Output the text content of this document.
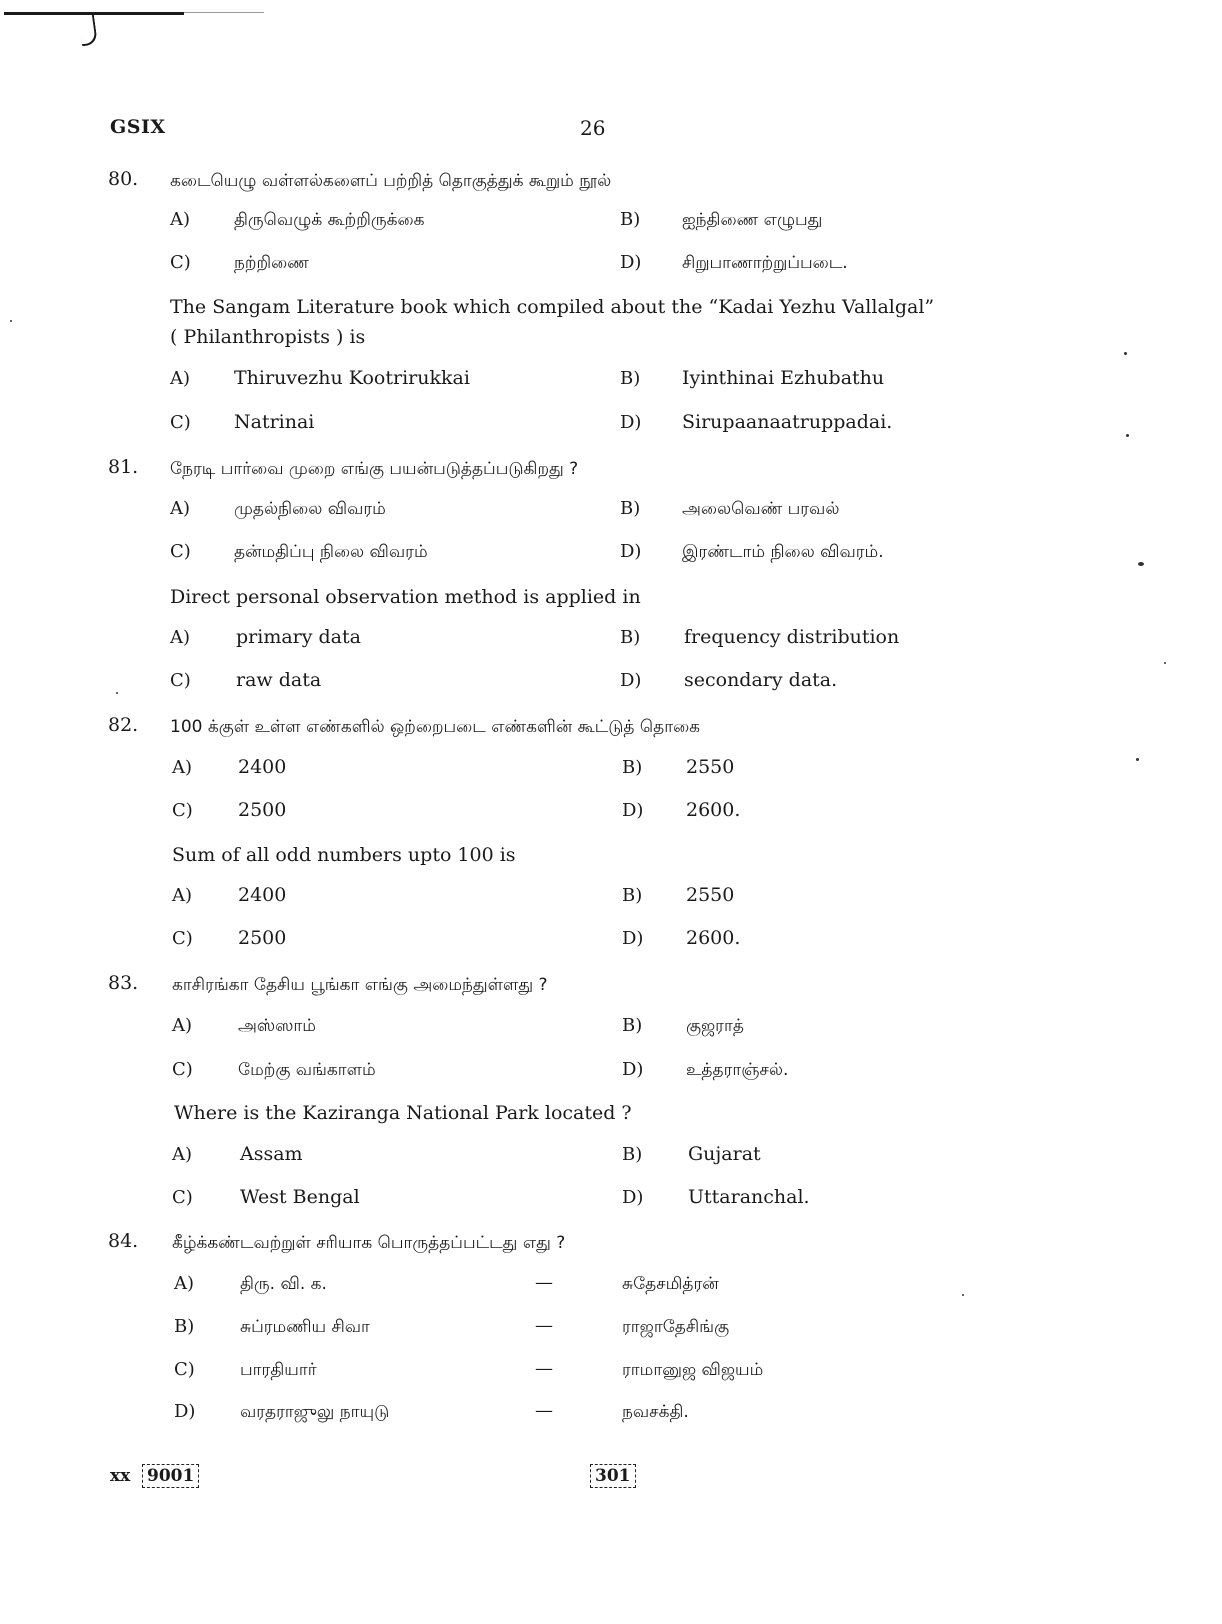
GSIX	26
80. கடையெழு வள்ளல்களைப் பற்றித் தொகுத்துக் கூறும் நூல்
A)	திருவெழுக் கூற்றிருக்கை	B) ஐந்திணை எழுபது
C)	நற்றிணை	D) சிறுபாணாற்றுப்படை.
The Sangam Literature book which compiled about the “Kadai Yezhu Vallalgal”
( Philanthropists ) is
A) Thiruvezhu Kootrirukkai	B) Iyinthinai Ezhubathu
C) Natrinai	D) Sirupaanaatruppadai.
81. நேரடி பார்வை முறை எங்கு பயன்படுத்தப்படுகிறது ?
A)	முதல்நிலை விவரம்	B) அலைவெண் பரவல்
C)	தன்மதிப்பு நிலை விவரம்	D) இரண்டாம் நிலை விவரம்.
Direct personal observation method is applied in
A) primary data	B) frequency distribution
C) raw data	D) secondary data.
82. 100 க்குள் உள்ள எண்களில் ஒற்றைபடை எண்களின் கூட்டுத் தொகை
A) 2400	B) 2550
C) 2500	D) 2600.
Sum of all odd numbers upto 100 is
A) 2400	B) 2550
C) 2500	D) 2600.
83. காசிரங்கா தேசிய பூங்கா எங்கு அமைந்துள்ளது ?
A)	அஸ்ஸாம்	B)	குஜராத்
C)	மேற்கு வங்காளம்	D)	உத்தராஞ்சல்.
Where is the Kaziranga National Park located ?
A)	Assam	B) Gujarat
C) West Bengal	D) Uttaranchal.
84. கீழ்க்கண்டவற்றுள் சரியாக பொருத்தப்பட்டது எது ?
A)	திரு. வி. க.	—	சுதேசமித்ரன்
B)	சுப்ரமணிய சிவா	—	ராஜாதேசிங்கு
C)	பாரதியார்	—	ராமானுஜ விஜயம்
D)	வரதராஜுலு நாயுடு	—	நவசக்தி.
xx 9001	301
